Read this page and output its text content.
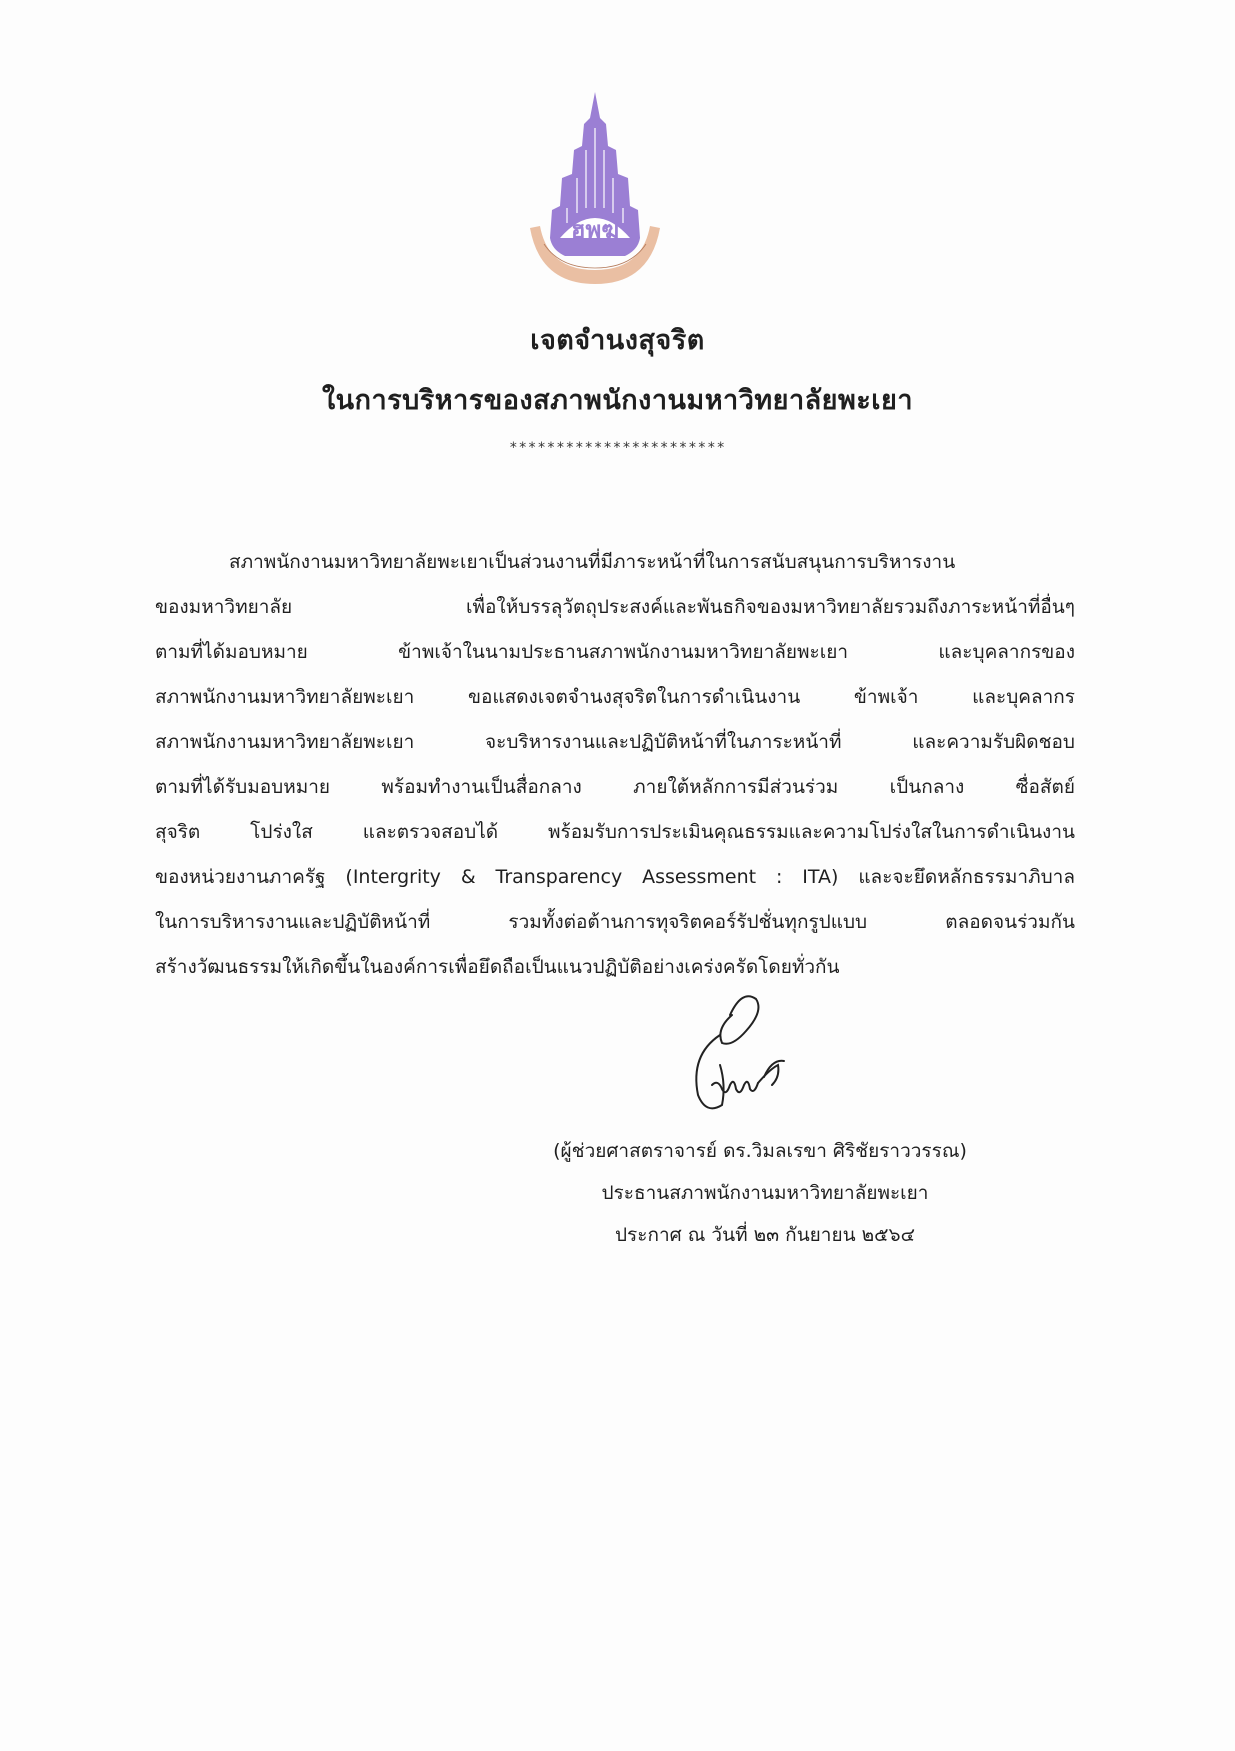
ฮพฆ
เจตจำนงสุจริต
ในการบริหารของสภาพนักงานมหาวิทยาลัยพะเยา
***********************
สภาพนักงานมหาวิทยาลัยพะเยาเป็นส่วนงานที่มีภาระหน้าที่ในการสนับสนุนการบริหารงาน
ของมหาวิทยาลัย เพื่อให้บรรลุวัตถุประสงค์และพันธกิจของมหาวิทยาลัยรวมถึงภาระหน้าที่อื่นๆ
ตามที่ได้มอบหมาย ข้าพเจ้าในนามประธานสภาพนักงานมหาวิทยาลัยพะเยา และบุคลากรของ
สภาพนักงานมหาวิทยาลัยพะเยา ขอแสดงเจตจำนงสุจริตในการดำเนินงาน ข้าพเจ้า และบุคลากร
สภาพนักงานมหาวิทยาลัยพะเยา จะบริหารงานและปฏิบัติหน้าที่ในภาระหน้าที่ และความรับผิดชอบ
ตามที่ได้รับมอบหมาย พร้อมทำงานเป็นสื่อกลาง ภายใต้หลักการมีส่วนร่วม เป็นกลาง ซื่อสัตย์
สุจริต โปร่งใส และตรวจสอบได้ พร้อมรับการประเมินคุณธรรมและความโปร่งใสในการดำเนินงาน
ของหน่วยงานภาครัฐ (Intergrity & Transparency Assessment : ITA) และจะยึดหลักธรรมาภิบาล
ในการบริหารงานและปฏิบัติหน้าที่ รวมทั้งต่อต้านการทุจริตคอร์รัปชั่นทุกรูปแบบ ตลอดจนร่วมกัน
สร้างวัฒนธรรมให้เกิดขึ้นในองค์การเพื่อยึดถือเป็นแนวปฏิบัติอย่างเคร่งครัดโดยทั่วกัน
(ผู้ช่วยศาสตราจารย์ ดร.วิมลเรขา ศิริชัยราววรรณ)
ประธานสภาพนักงานมหาวิทยาลัยพะเยา
ประกาศ ณ วันที่ ๒๓ กันยายน ๒๕๖๔
